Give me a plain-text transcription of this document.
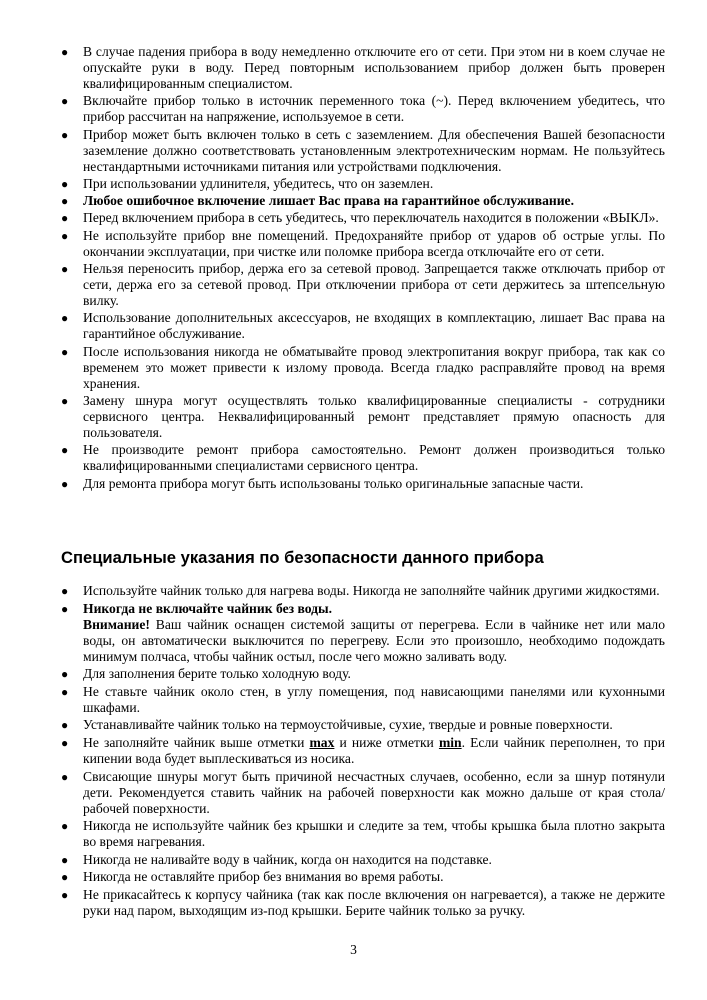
● В случае падения прибора в воду немедленно отключите его от сети. При этом ни в коем случае не опускайте руки в воду. Перед повторным использованием прибор должен быть проверен квалифицированным специалистом.
● Включайте прибор только в источник переменного тока (~). Перед включением убедитесь, что прибор рассчитан на напряжение, используемое в сети.
● Прибор может быть включен только в сеть с заземлением. Для обеспечения Вашей безопасности заземление должно соответствовать установленным электротехническим нормам. Не пользуйтесь нестандартными источниками питания или устройствами подключения.
● При использовании удлинителя, убедитесь, что он заземлен.
● Любое ошибочное включение лишает Вас права на гарантийное обслуживание.
● Перед включением прибора в сеть убедитесь, что переключатель находится в положении «ВЫКЛ».
● Не используйте прибор вне помещений. Предохраняйте прибор от ударов об острые углы. По окончании эксплуатации, при чистке или поломке прибора всегда отключайте его от сети.
● Нельзя переносить прибор, держа его за сетевой провод. Запрещается также отключать прибор от сети, держа его за сетевой провод. При отключении прибора от сети держитесь за штепсельную вилку.
● Использование дополнительных аксессуаров, не входящих в комплектацию, лишает Вас права на гарантийное обслуживание.
● После использования никогда не обматывайте провод электропитания вокруг прибора, так как со временем это может привести к излому провода. Всегда гладко расправляйте провод на время хранения.
● Замену шнура могут осуществлять только квалифицированные специалисты - сотрудники сервисного центра. Неквалифицированный ремонт представляет прямую опасность для пользователя.
● Не производите ремонт прибора самостоятельно. Ремонт должен производиться только квалифицированными специалистами сервисного центра.
● Для ремонта прибора могут быть использованы только оригинальные запасные части.
Специальные указания по безопасности данного прибора
● Используйте чайник только для нагрева воды. Никогда не заполняйте чайник другими жидкостями.
● Никогда не включайте чайник без воды.
Внимание! Ваш чайник оснащен системой защиты от перегрева. Если в чайнике нет или мало воды, он автоматически выключится по перегреву. Если это произошло, необходимо подождать минимум полчаса, чтобы чайник остыл, после чего можно заливать воду.
● Для заполнения берите только холодную воду.
● Не ставьте чайник около стен, в углу помещения, под нависающими панелями или кухонными шкафами.
● Устанавливайте чайник только на термоустойчивые, сухие, твердые и ровные поверхности.
● Не заполняйте чайник выше отметки max и ниже отметки min. Если чайник переполнен, то при кипении вода будет выплескиваться из носика.
● Свисающие шнуры могут быть причиной несчастных случаев, особенно, если за шнур потянули дети. Рекомендуется ставить чайник на рабочей поверхности как можно дальше от края стола/рабочей поверхности.
● Никогда не используйте чайник без крышки и следите за тем, чтобы крышка была плотно закрыта во время нагревания.
● Никогда не наливайте воду в чайник, когда он находится на подставке.
● Никогда не оставляйте прибор без внимания во время работы.
● Не прикасайтесь к корпусу чайника (так как после включения он нагревается), а также не держите руки над паром, выходящим из-под крышки. Берите чайник только за ручку.
3
